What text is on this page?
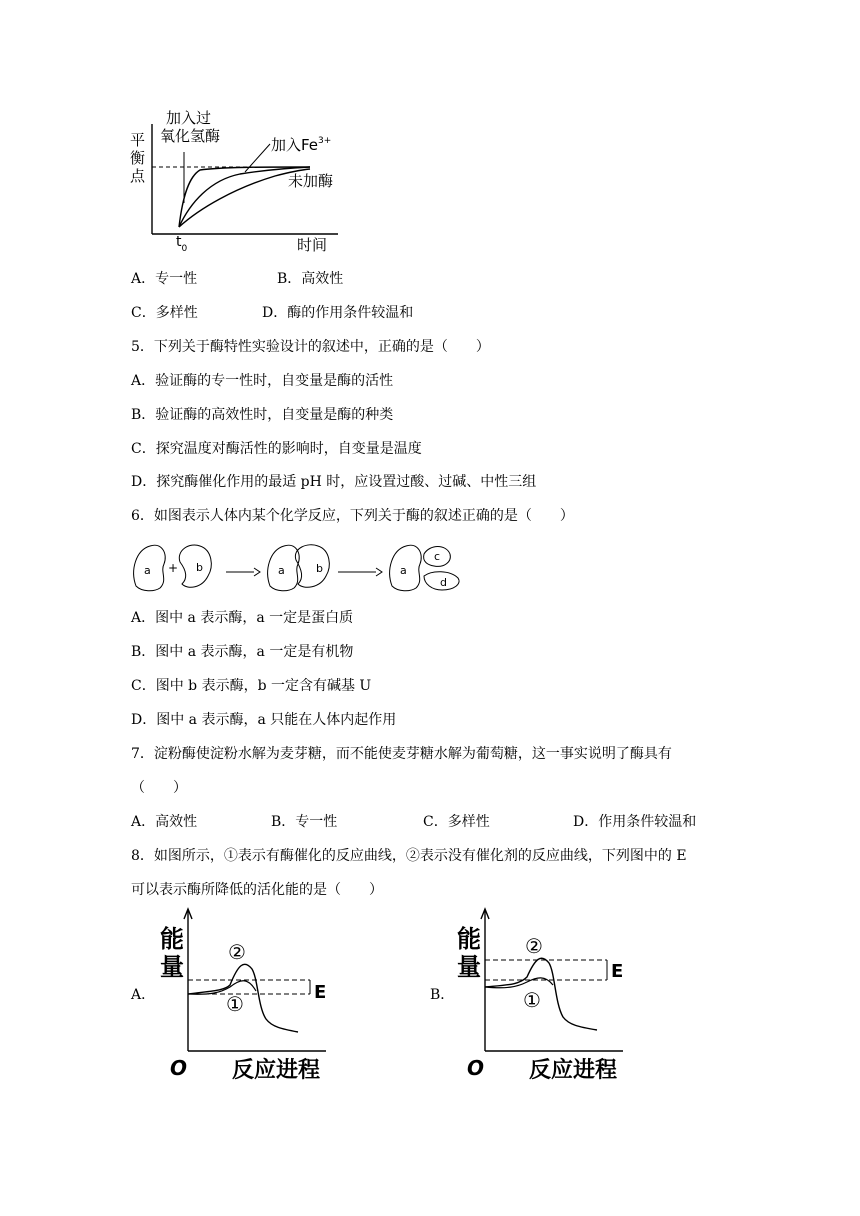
平
衡
点
加入过
氧化氢酶	加入$Fe^{3+}$
未加酶
$t_0$	时间
A．专一性	B．高效性
C．多样性	D．酶的作用条件较温和
5．下列关于酶特性实验设计的叙述中，正确的是（　　）
A．验证酶的专一性时，自变量是酶的活性
B．验证酶的高效性时，自变量是酶的种类
C．探究温度对酶活性的影响时，自变量是温度
D．探究酶催化作用的最适 pH 时，应设置过酸、过碱、中性三组
6．如图表示人体内某个化学反应，下列关于酶的叙述正确的是（　　）
a + b	a	b	a
c
d
A．图中 a 表示酶，a 一定是蛋白质
B．图中 a 表示酶，a 一定是有机物
C．图中 b 表示酶，b 一定含有碱基 U
D．图中 a 表示酶，a 只能在人体内起作用
7．淀粉酶使淀粉水解为麦芽糖，而不能使麦芽糖水解为葡萄糖，这一事实说明了酶具有
（　　）
A．高效性	B．专一性	C．多样性	D．作用条件较温和
8．如图所示，①表示有酶催化的反应曲线，②表示没有催化剂的反应曲线，下列图中的 E
可以表示酶所降低的活化能的是（　　）
A．
能
量
O 反应进程
②
①	E	B．
能
量
O 反应进程
②
①
E
